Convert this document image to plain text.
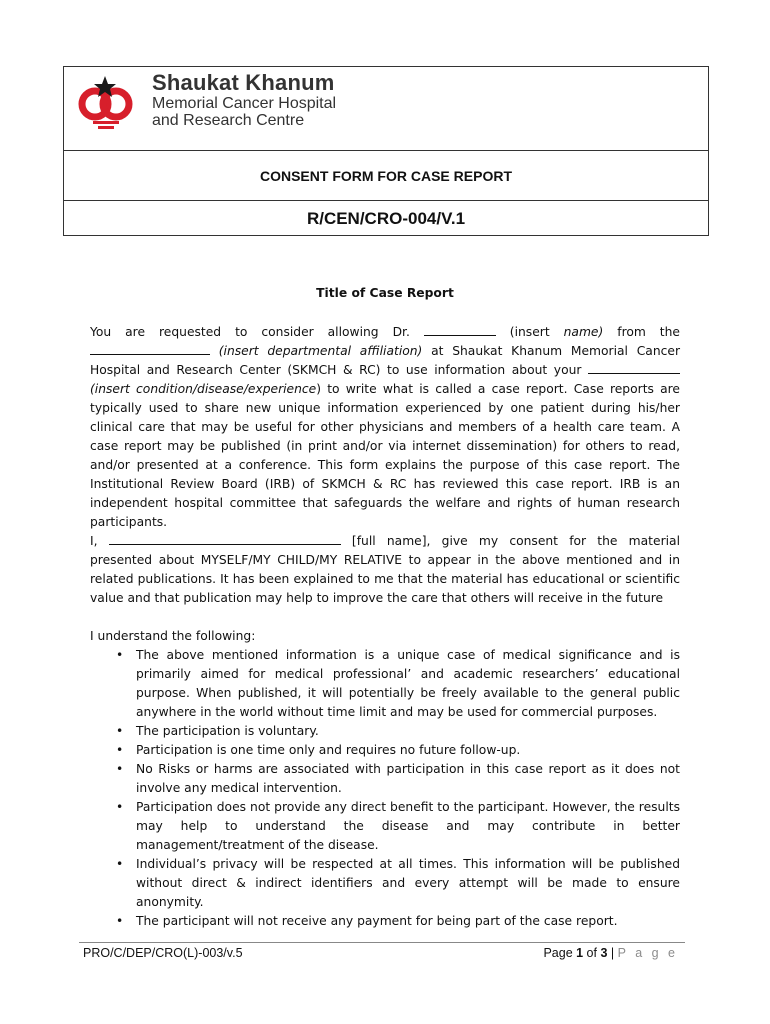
Shaukat Khanum
Memorial Cancer Hospital
and Research Centre
CONSENT FORM FOR CASE REPORT
R/CEN/CRO-004/V.1
Title of Case Report

You are requested to consider allowing Dr.	(insert name) from the  (insert departmental affiliation) at Shaukat Khanum Memorial Cancer Hospital and Research Center (SKMCH & RC) to use information about your  (insert condition/disease/experience) to write what is called a case report. Case reports are typically used to share new unique information experienced by one patient during his/her clinical care that may be useful for other physicians and members of a health care team. A case report may be published (in print and/or via internet dissemination) for others to read, and/or presented at a conference. This form explains the purpose of this case report. The Institutional Review Board (IRB) of SKMCH & RC has reviewed this case report. IRB is an independent hospital committee that safeguards the welfare and rights of human research participants.

I,	[full name], give my consent for the material presented about MYSELF/MY CHILD/MY RELATIVE to appear in the above mentioned and in related publications. It has been explained to me that the material has educational or scientific value and that publication may help to improve the care that others will receive in the future

I understand the following:
• The above mentioned information is a unique case of medical significance and is primarily aimed for medical professional’ and academic researchers’ educational purpose. When published, it will potentially be freely available to the general public anywhere in the world without time limit and may be used for commercial purposes.
• The participation is voluntary.
• Participation is one time only and requires no future follow-up.
• No Risks or harms are associated with participation in this case report as it does not involve any medical intervention.
• Participation does not provide any direct benefit to the participant. However, the results may help to understand the disease and may contribute in better management/treatment of the disease.
• Individual’s privacy will be respected at all times. This information will be published without direct & indirect identifiers and every attempt will be made to ensure anonymity.
• The participant will not receive any payment for being part of the case report.
PRO/C/DEP/CRO(L)-003/v.5	Page 1 of 3 | P a g e
